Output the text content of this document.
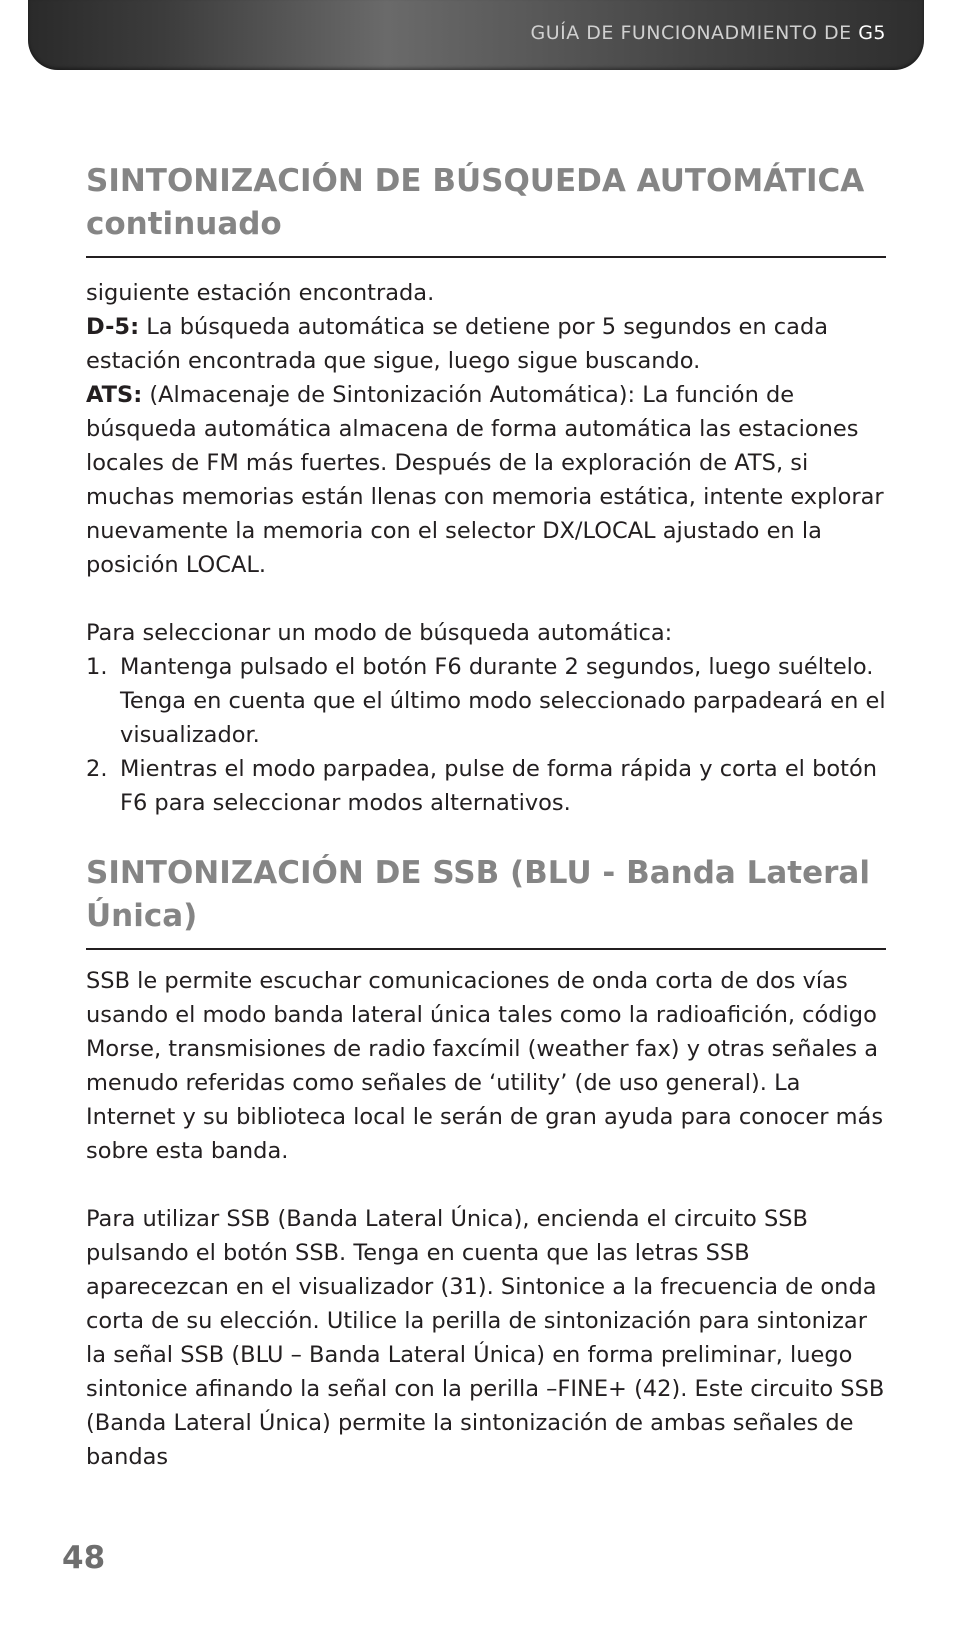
GUÍA DE FUNCIONADMIENTO DE G5
SINTONIZACIÓN DE BÚSQUEDA AUTOMÁTICA
continuado

siguiente estación encontrada.

D-5: La búsqueda automática se detiene por 5 segundos en cada estación encontrada que sigue, luego sigue buscando.

ATS: (Almacenaje de Sintonización Automática): La función de búsqueda automática almacena de forma automática las estaciones locales de FM más fuertes. Después de la exploración de ATS, si muchas memorias están llenas con memoria estática, intente explorar nuevamente la memoria con el selector DX/LOCAL ajustado en la posición LOCAL.

Para seleccionar un modo de búsqueda automática:

1. Mantenga pulsado el botón F6 durante 2 segundos, luego suéltelo. Tenga en cuenta que el último modo seleccionado parpadeará en el visualizador.
2. Mientras el modo parpadea, pulse de forma rápida y corta el botón F6 para seleccionar modos alternativos.
SINTONIZACIÓN DE SSB (BLU - Banda Lateral
Única)

SSB le permite escuchar comunicaciones de onda corta de dos vías usando el modo banda lateral única tales como la radioafición, código Morse, transmisiones de radio faxcímil (weather fax) y otras señales a menudo referidas como señales de ‘utility’ (de uso general). La Internet y su biblioteca local le serán de gran ayuda para conocer más sobre esta banda.

Para utilizar SSB (Banda Lateral Única), encienda el circuito SSB pulsando el botón SSB. Tenga en cuenta que las letras SSB aparecezcan en el visualizador (31). Sintonice a la frecuencia de onda corta de su elección. Utilice la perilla de sintonización para sintonizar la señal SSB (BLU – Banda Lateral Única) en forma preliminar, luego sintonice afinando la señal con la perilla –FINE+ (42). Este circuito SSB (Banda Lateral Única) permite la sintonización de ambas señales de bandas

48
